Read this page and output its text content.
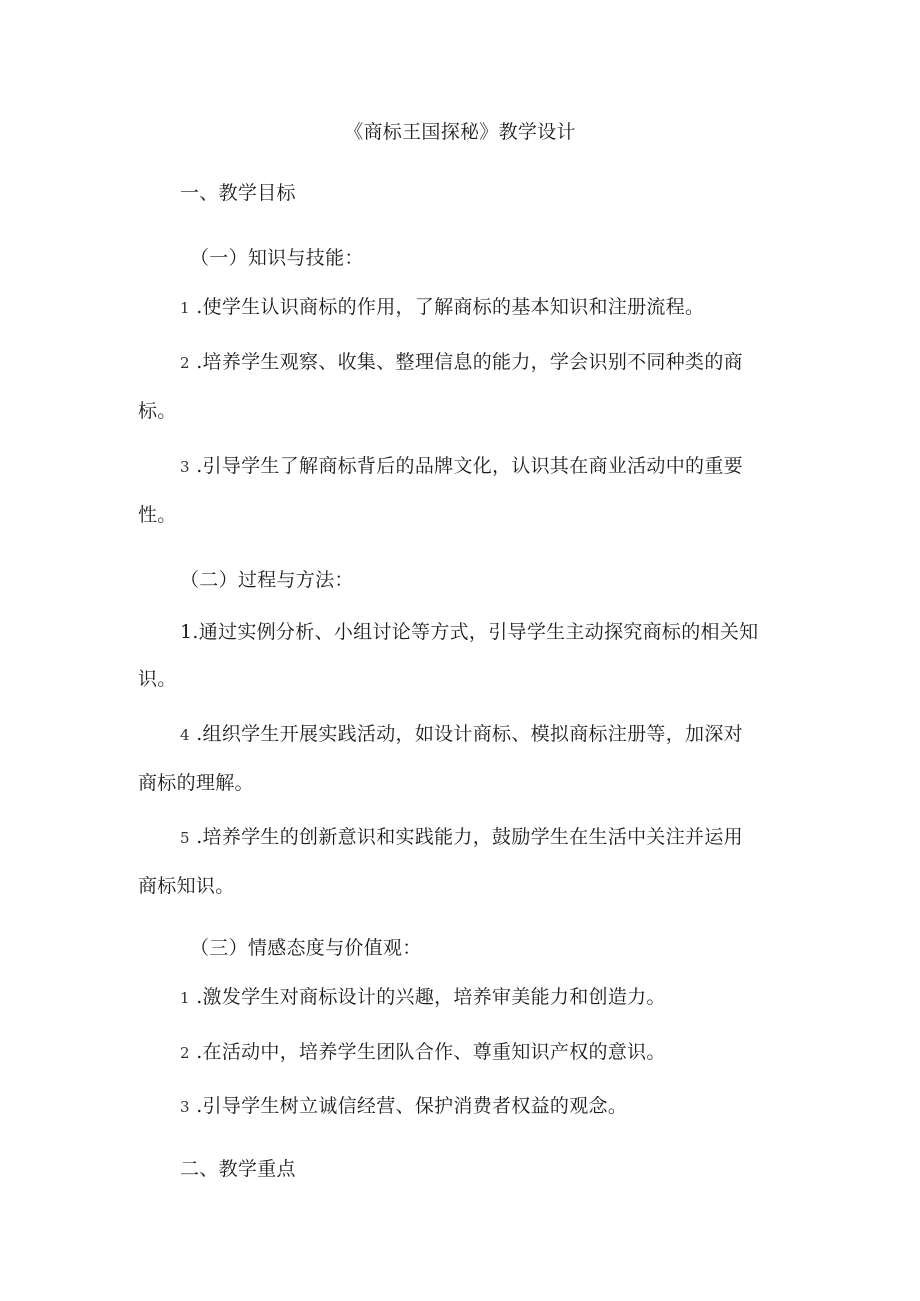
《商标王国探秘》教学设计
一、教学目标
（一）知识与技能：
1 .使学生认识商标的作用，了解商标的基本知识和注册流程。
2 .培养学生观察、收集、整理信息的能力，学会识别不同种类的商
标。
3 .引导学生了解商标背后的品牌文化，认识其在商业活动中的重要
性。
（二）过程与方法：
1.通过实例分析、小组讨论等方式，引导学生主动探究商标的相关知
识。
4 .组织学生开展实践活动，如设计商标、模拟商标注册等，加深对
商标的理解。
5 .培养学生的创新意识和实践能力，鼓励学生在生活中关注并运用
商标知识。
（三）情感态度与价值观：
1 .激发学生对商标设计的兴趣，培养审美能力和创造力。
2 .在活动中，培养学生团队合作、尊重知识产权的意识。
3 .引导学生树立诚信经营、保护消费者权益的观念。
二、教学重点
